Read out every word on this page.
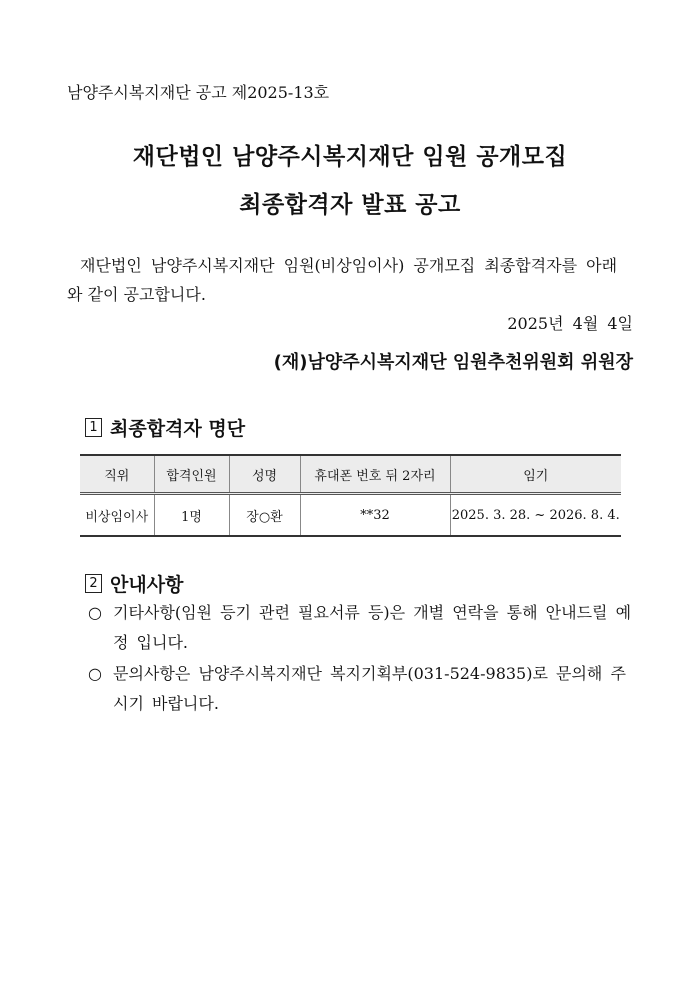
남양주시복지재단 공고 제2025-13호
재단법인 남양주시복지재단 임원 공개모집
최종합격자 발표 공고
재단법인 남양주시복지재단 임원(비상임이사) 공개모집 최종합격자를 아래
와 같이 공고합니다.
2025년 4월 4일
(재)남양주시복지재단 임원추천위원회 위원장
1 최종합격자 명단
직위	합격인원	성명	휴대폰 번호 뒤 2자리	임기
비상임이사	1명	장○환	**32	2025. 3. 28. ~ 2026. 8. 4.
2 안내사항
○ 기타사항(임원 등기 관련 필요서류 등)은 개별 연락을 통해 안내드릴 예정 입니다.
○ 문의사항은 남양주시복지재단 복지기획부(031-524-9835)로 문의해 주시기 바랍니다.
